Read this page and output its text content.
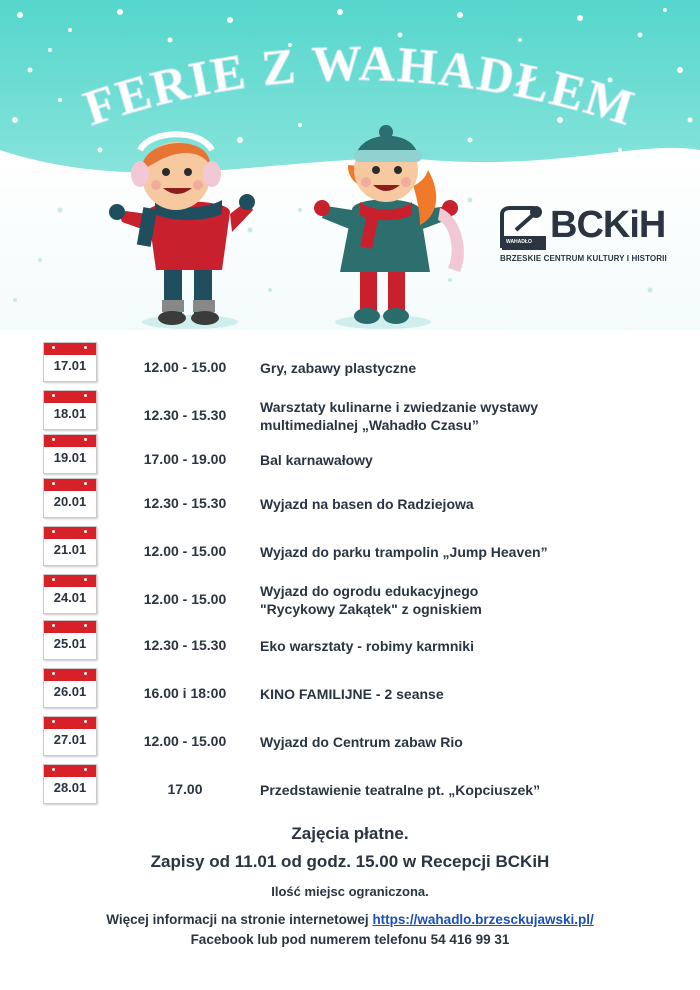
FERIE Z WAHADŁEM
WAHADŁO BCKiH
BRZESKIE CENTRUM KULTURY I HISTORII
17.01	12.00 - 15.00	Gry, zabawy plastyczne
18.01	12.30 - 15.30	Warsztaty kulinarne i zwiedzanie wystawy
multimedialnej „Wahadło Czasu”
19.01	17.00 - 19.00	Bal karnawałowy
20.01	12.30 - 15.30	Wyjazd na basen do Radziejowa
21.01	12.00 - 15.00	Wyjazd do parku trampolin „Jump Heaven”
24.01	12.00 - 15.00	Wyjazd do ogrodu edukacyjnego
"Rycykowy Zakątek" z ogniskiem
25.01	12.30 - 15.30	Eko warsztaty - robimy karmniki
26.01	16.00 i 18:00	KINO FAMILIJNE - 2 seanse
27.01	12.00 - 15.00	Wyjazd do Centrum zabaw Rio
28.01	17.00	Przedstawienie teatralne pt. „Kopciuszek”
Zajęcia płatne.
Zapisy od 11.01 od godz. 15.00 w Recepcji BCKiH
Ilość miejsc ograniczona.
Więcej informacji na stronie internetowej https://wahadlo.brzesckujawski.pl/
Facebook lub pod numerem telefonu 54 416 99 31
